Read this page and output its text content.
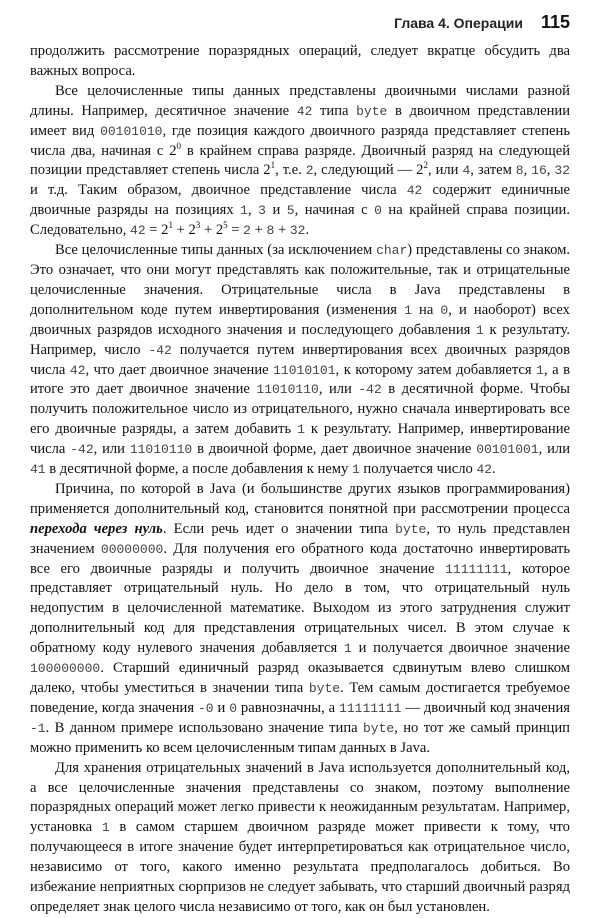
Глава 4. Операции 115

продолжить рассмотрение поразрядных операций, следует вкратце обсудить два важных вопроса.

Все целочисленные типы данных представлены двоичными числами разной длины. Например, десятичное значение 42 типа byte в двоичном представлении имеет вид 00101010, где позиция каждого двоичного разряда представляет степень числа два, начиная с $2^0$ в крайнем справа разряде. Двоичный разряд на следующей позиции представляет степень числа $2^1$, т.е. 2, следующий — $2^2$, или 4, затем 8, 16, 32 и т.д. Таким образом, двоичное представление числа 42 содержит единичные двоичные разряды на позициях 1, 3 и 5, начиная с 0 на крайней справа позиции. Следовательно, $42 = 2^1 + 2^3 + 2^5 = 2 + 8 + 32$.

Все целочисленные типы данных (за исключением char) представлены со знаком. Это означает, что они могут представлять как положительные, так и отрицательные целочисленные значения. Отрицательные числа в Java представлены в дополнительном коде путем инвертирования (изменения 1 на 0, и наоборот) всех двоичных разрядов исходного значения и последующего добавления 1 к результату. Например, число -42 получается путем инвертирования всех двоичных разрядов числа 42, что дает двоичное значение 11010101, к которому затем добавляется 1, а в итоге это дает двоичное значение 11010110, или -42 в десятичной форме. Чтобы получить положительное число из отрицательного, нужно сначала инвертировать все его двоичные разряды, а затем добавить 1 к результату. Например, инвертирование числа -42, или 11010110 в двоичной форме, дает двоичное значение 00101001, или 41 в десятичной форме, а после добавления к нему 1 получается число 42.

Причина, по которой в Java (и большинстве других языков программирования) применяется дополнительный код, становится понятной при рассмотрении процесса перехода через нуль. Если речь идет о значении типа byte, то нуль представлен значением 00000000. Для получения его обратного кода достаточно инвертировать все его двоичные разряды и получить двоичное значение 11111111, которое представляет отрицательный нуль. Но дело в том, что отрицательный нуль недопустим в целочисленной математике. Выходом из этого затруднения служит дополнительный код для представления отрицательных чисел. В этом случае к обратному коду нулевого значения добавляется 1 и получается двоичное значение 100000000. Старший единичный разряд оказывается сдвинутым влево слишком далеко, чтобы уместиться в значении типа byte. Тем самым достигается требуемое поведение, когда значения -0 и 0 равнозначны, а 11111111 — двоичный код значения -1. В данном примере использовано значение типа byte, но тот же самый принцип можно применить ко всем целочисленным типам данных в Java.

Для хранения отрицательных значений в Java используется дополнительный код, а все целочисленные значения представлены со знаком, поэтому выполнение поразрядных операций может легко привести к неожиданным результатам. Например, установка 1 в самом старшем двоичном разряде может привести к тому, что получающееся в итоге значение будет интерпретироваться как отрицательное число, независимо от того, какого именно результата предполагалось добиться. Во избежание неприятных сюрпризов не следует забывать, что старший двоичный разряд определяет знак целого числа независимо от того, как он был установлен.
